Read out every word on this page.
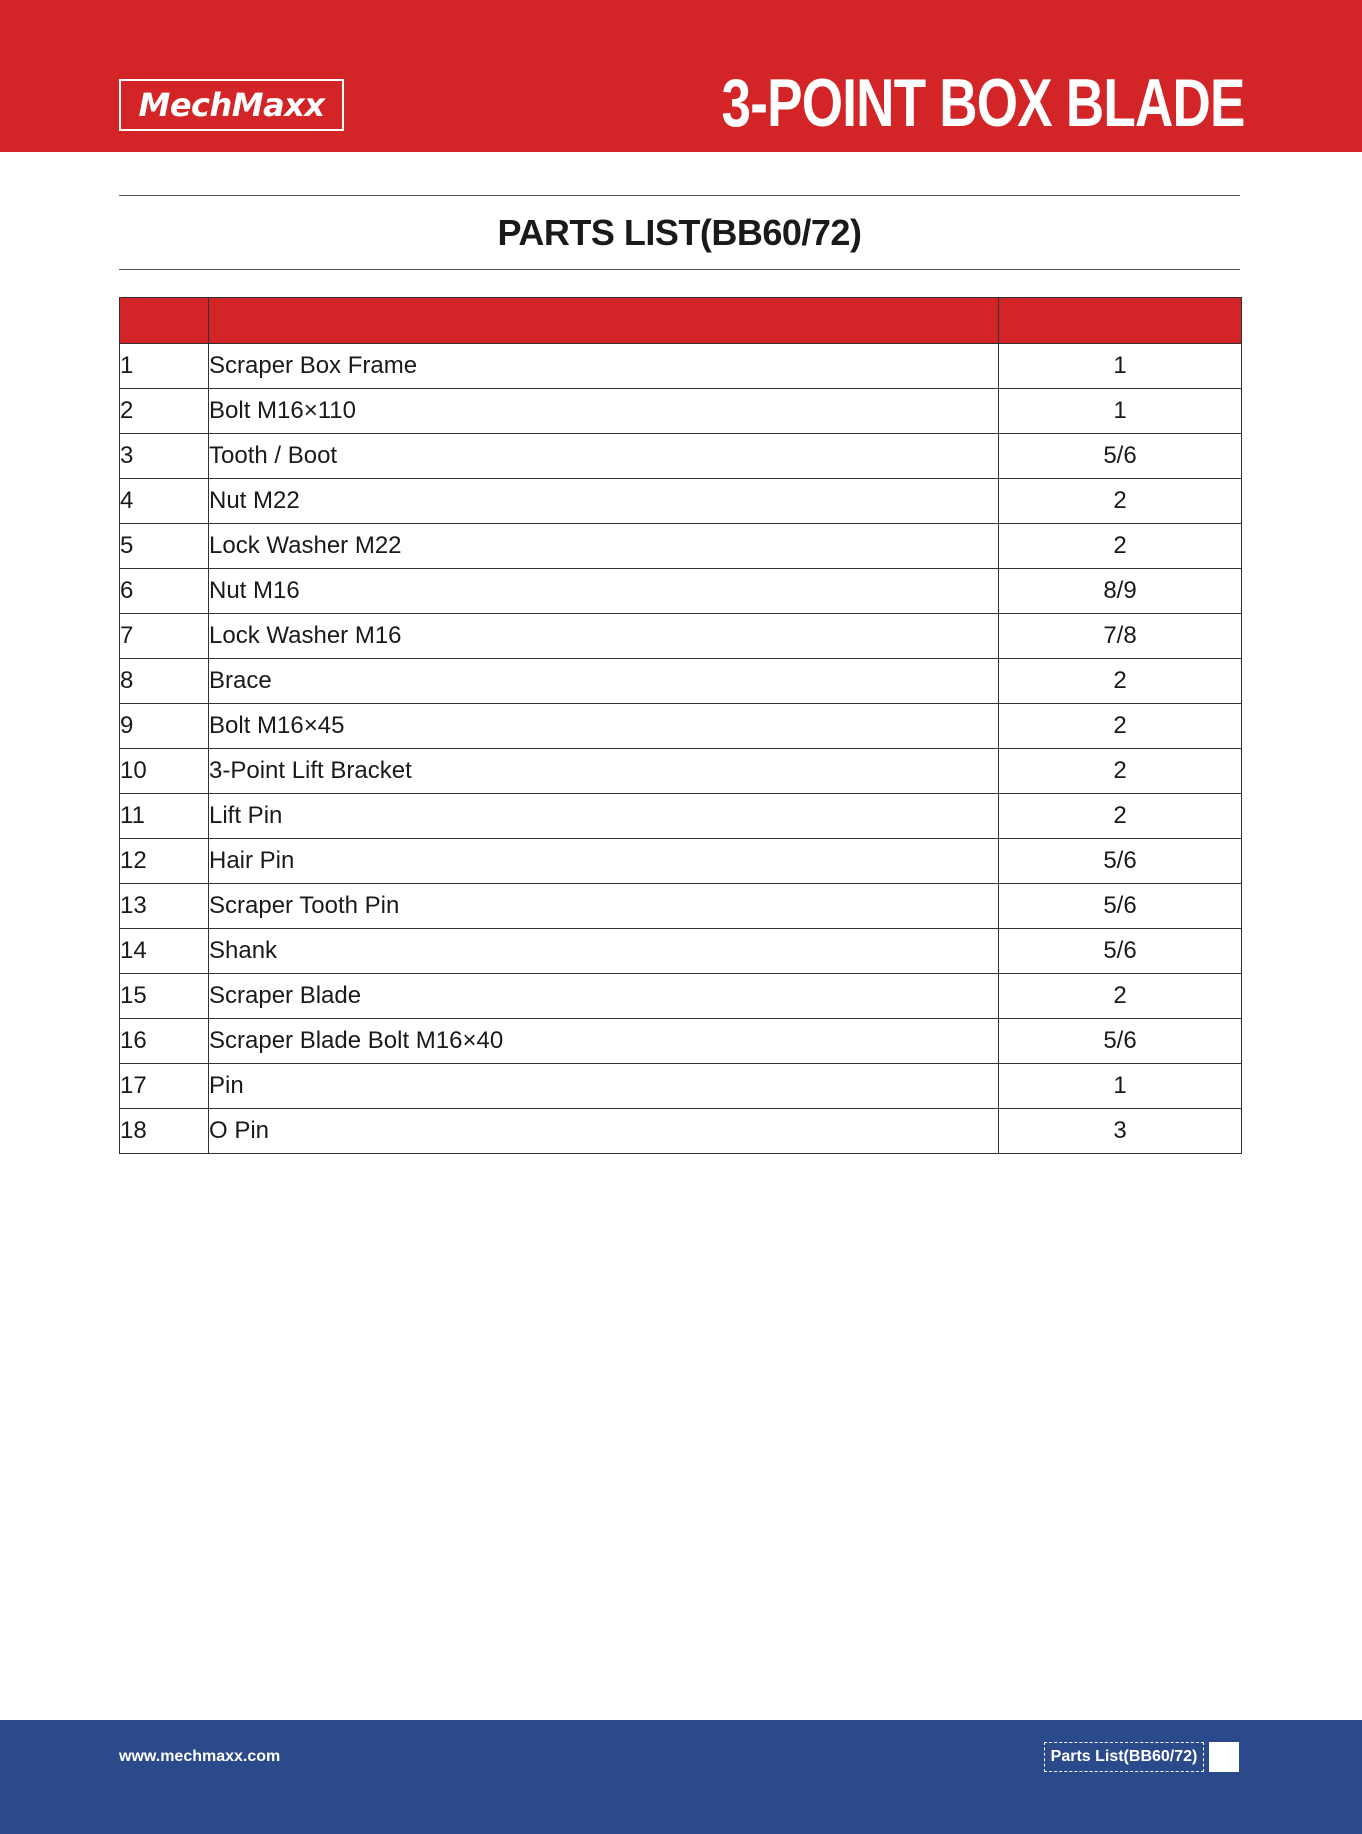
MechMaxx	3-POINT BOX BLADE
PARTS LIST(BB60/72)

1	Scraper Box Frame	1
2	Bolt M16×110	1
3	Tooth / Boot	5/6
4	Nut M22	2
5	Lock Washer M22	2
6	Nut M16	8/9
7	Lock Washer M16	7/8
8	Brace	2
9	Bolt M16×45	2
10	3-Point Lift Bracket	2
11	Lift Pin	2
12	Hair Pin	5/6
13	Scraper Tooth Pin	5/6
14	Shank	5/6
15	Scraper Blade	2
16	Scraper Blade Bolt M16×40	5/6
17	Pin	1
18	O Pin	3
www.mechmaxx.com	Parts List(BB60/72)
